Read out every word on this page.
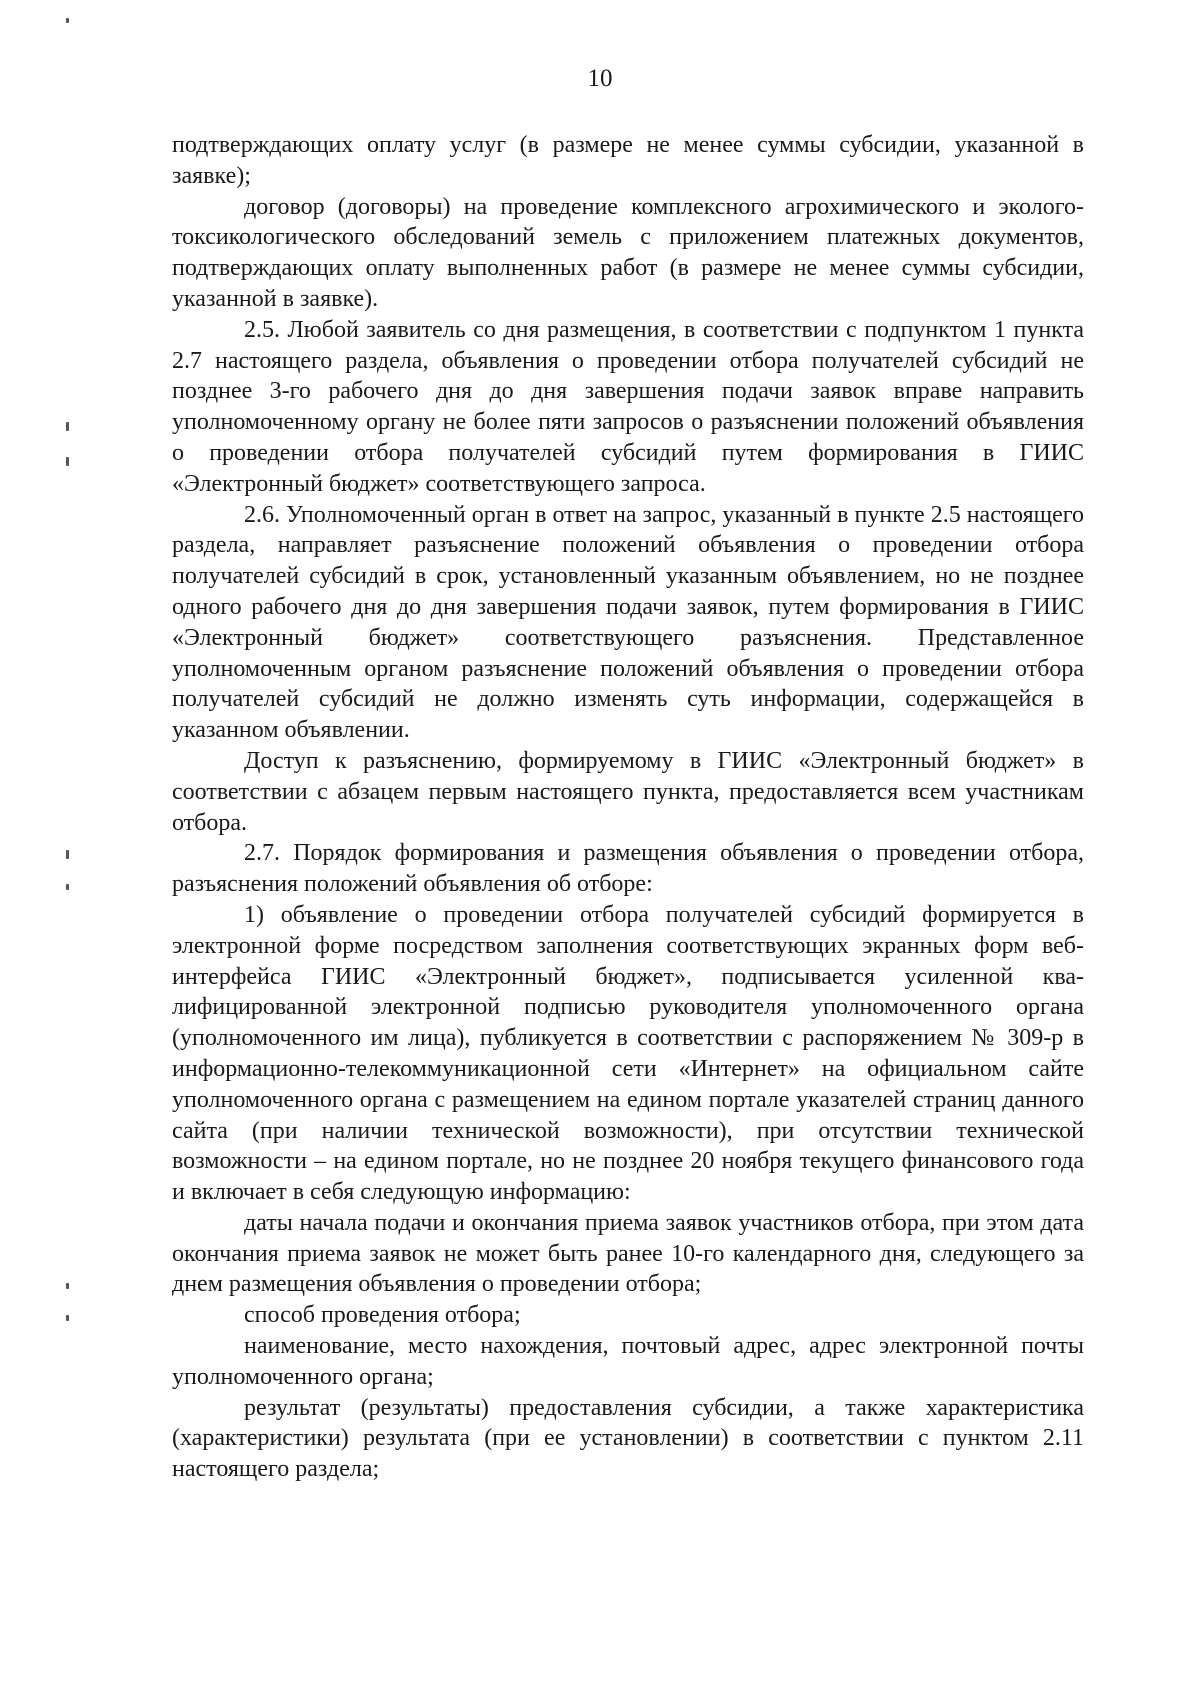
10

подтверждающих оплату услуг (в размере не менее суммы субсидии, указанной в заявке);

договор (договоры) на проведение комплексного агрохимического и эколого-токсикологического обследований земель с приложением платежных документов, подтверждающих оплату выполненных работ (в размере не менее суммы субсидии, указанной в заявке).

2.5. Любой заявитель со дня размещения, в соответствии с подпунктом 1 пункта 2.7 настоящего раздела, объявления о проведении отбора получателей субсидий не позднее 3-го рабочего дня до дня завершения подачи заявок вправе направить уполномоченному органу не более пяти запросов о разъяснении положений объявления о проведении отбора получателей субсидий путем формирования в ГИИС «Электронный бюджет» соответствующего запроса.

2.6. Уполномоченный орган в ответ на запрос, указанный в пункте 2.5 настоящего раздела, направляет разъяснение положений объявления о проведении отбора получателей субсидий в срок, установленный указанным объявлением, но не позднее одного рабочего дня до дня завершения подачи заявок, путем формирования в ГИИС «Электронный бюджет» соответствующего разъяснения. Представленное уполномоченным органом разъяснение положений объявления о проведении отбора получателей субсидий не должно изменять суть информации, содержащейся в указанном объявлении.

Доступ к разъяснению, формируемому в ГИИС «Электронный бюджет» в соответствии с абзацем первым настоящего пункта, предоставляется всем участникам отбора.

2.7. Порядок формирования и размещения объявления о проведении отбора, разъяснения положений объявления об отборе:

1) объявление о проведении отбора получателей субсидий формируется в электронной форме посредством заполнения соответствующих экранных форм веб-интерфейса ГИИС «Электронный бюджет», подписывается усиленной квалифицированной электронной подписью руководителя уполномоченного органа (уполномоченного им лица), публикуется в соответствии с распоряжением № 309-р в информационно-телекоммуникационной сети «Интернет» на официальном сайте уполномоченного органа с размещением на едином портале указателей страниц данного сайта (при наличии технической возможности), при отсутствии технической возможности – на едином портале, но не позднее 20 ноября текущего финансового года и включает в себя следующую информацию:

даты начала подачи и окончания приема заявок участников отбора, при этом дата окончания приема заявок не может быть ранее 10-го календарного дня, следующего за днем размещения объявления о проведении отбора;

способ проведения отбора;

наименование, место нахождения, почтовый адрес, адрес электронной почты уполномоченного органа;

результат (результаты) предоставления субсидии, а также характеристика (характеристики) результата (при ее установлении) в соответствии с пунктом 2.11 настоящего раздела;
